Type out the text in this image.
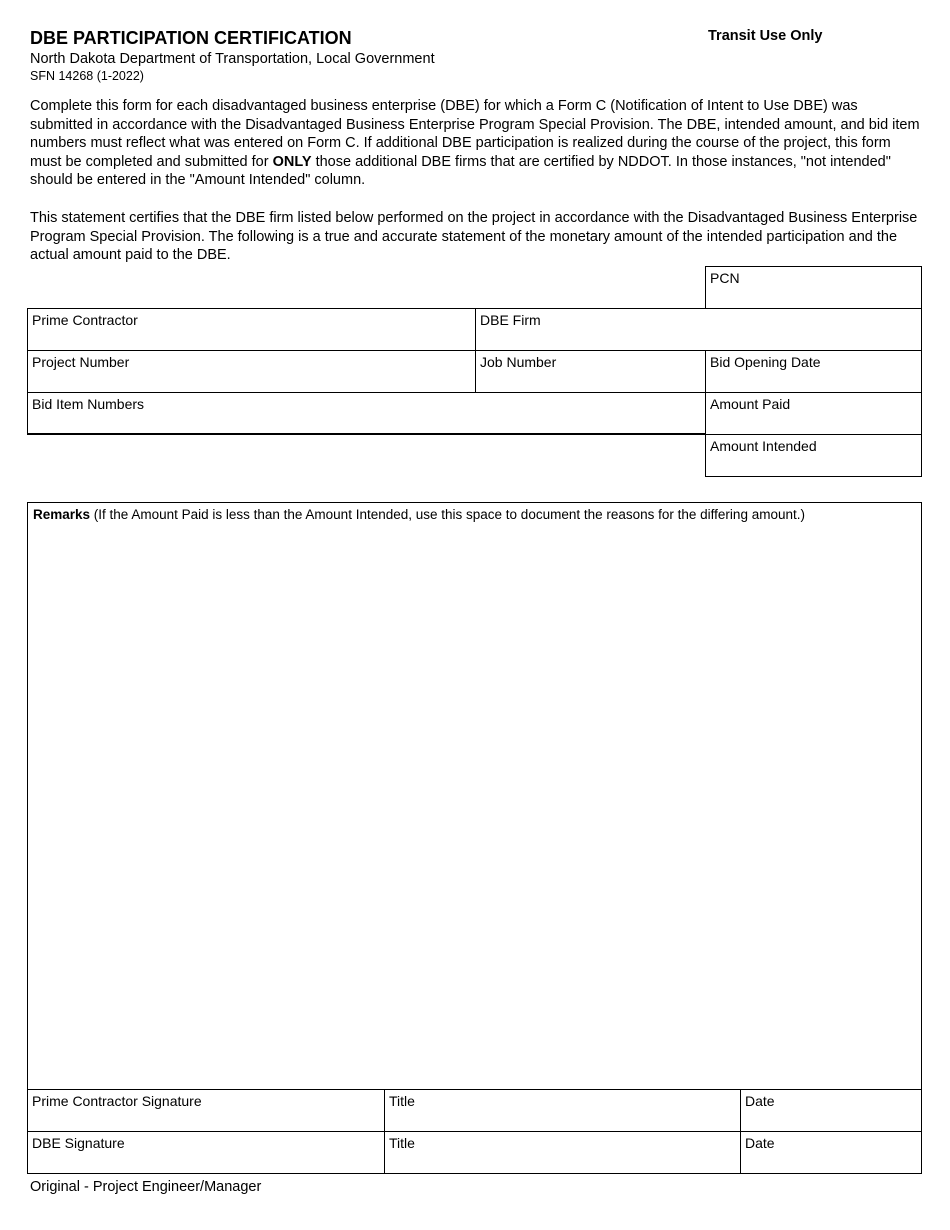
DBE PARTICIPATION CERTIFICATION
North Dakota Department of Transportation, Local Government
SFN 14268 (1-2022)
Transit Use Only

Complete this form for each disadvantaged business enterprise (DBE) for which a Form C (Notification of Intent to Use DBE) was submitted in accordance with the Disadvantaged Business Enterprise Program Special Provision. The DBE, intended amount, and bid item numbers must reflect what was entered on Form C. If additional DBE participation is realized during the course of the project, this form must be completed and submitted for ONLY those additional DBE firms that are certified by NDDOT. In those instances, "not intended" should be entered in the "Amount Intended" column.

This statement certifies that the DBE firm listed below performed on the project in accordance with the Disadvantaged Business Enterprise Program Special Provision. The following is a true and accurate statement of the monetary amount of the intended participation and the actual amount paid to the DBE.

PCN
Prime Contractor	DBE Firm
Project Number	Job Number	Bid Opening Date
Bid Item Numbers	Amount Paid
Amount Intended
Remarks (If the Amount Paid is less than the Amount Intended, use this space to document the reasons for the differing amount.)
Prime Contractor Signature	Title	Date
DBE Signature	Title	Date
Original - Project Engineer/Manager
